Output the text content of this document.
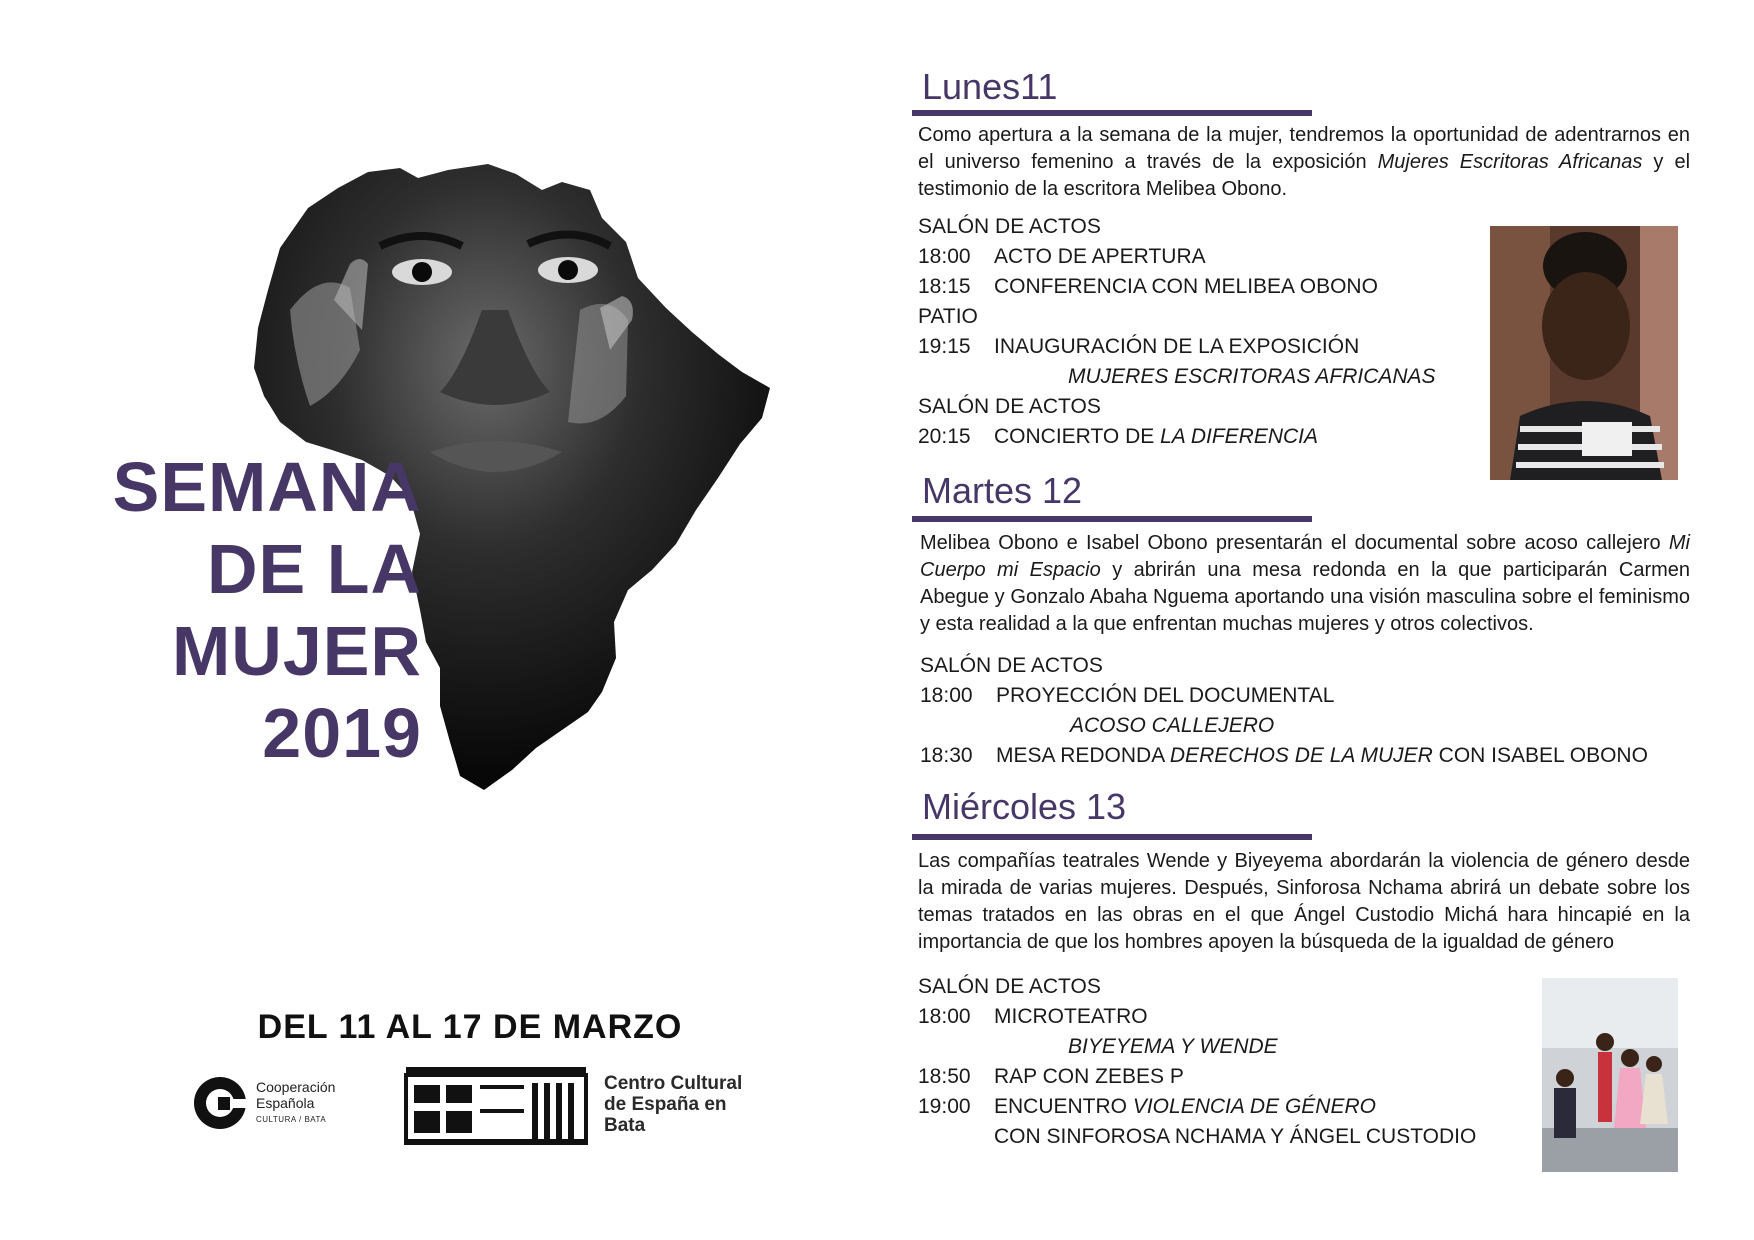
SEMANA
DE LA
MUJER
2019
DEL 11 AL 17 DE MARZO
Cooperación
Española
CULTURA / BATA
Centro Cultural
de España en
Bata
Lunes11
Como apertura a la semana de la mujer, tendremos la oportunidad de adentrarnos en el universo femenino a través de la exposición Mujeres Escritoras Africanas y el testimonio de la escritora Melibea Obono.
SALÓN DE ACTOS
18:00 ACTO DE APERTURA
18:15 CONFERENCIA CON MELIBEA OBONO
PATIO
19:15 INAUGURACIÓN DE LA EXPOSICIÓN
MUJERES ESCRITORAS AFRICANAS
SALÓN DE ACTOS
20:15 CONCIERTO DE LA DIFERENCIA
Martes 12
Melibea Obono e Isabel Obono presentarán el documental sobre acoso callejero Mi Cuerpo mi Espacio y abrirán una mesa redonda en la que participarán Carmen Abegue y Gonzalo Abaha Nguema aportando una visión masculina sobre el feminismo y esta realidad a la que enfrentan muchas mujeres y otros colectivos.
SALÓN DE ACTOS
18:00 PROYECCIÓN DEL DOCUMENTAL
ACOSO CALLEJERO
18:30 MESA REDONDA DERECHOS DE LA MUJER CON ISABEL OBONO
Miércoles 13
Las compañías teatrales Wende y Biyeyema abordarán la violencia de género desde la mirada de varias mujeres. Después, Sinforosa Nchama abrirá un debate sobre los temas tratados en las obras en el que Ángel Custodio Michá hara hincapié en la importancia de que los hombres apoyen la búsqueda de la igualdad de género
SALÓN DE ACTOS
18:00 MICROTEATRO
BIYEYEMA Y WENDE
18:50 RAP CON ZEBES P
19:00 ENCUENTRO VIOLENCIA DE GÉNERO
CON SINFOROSA NCHAMA Y ÁNGEL CUSTODIO
